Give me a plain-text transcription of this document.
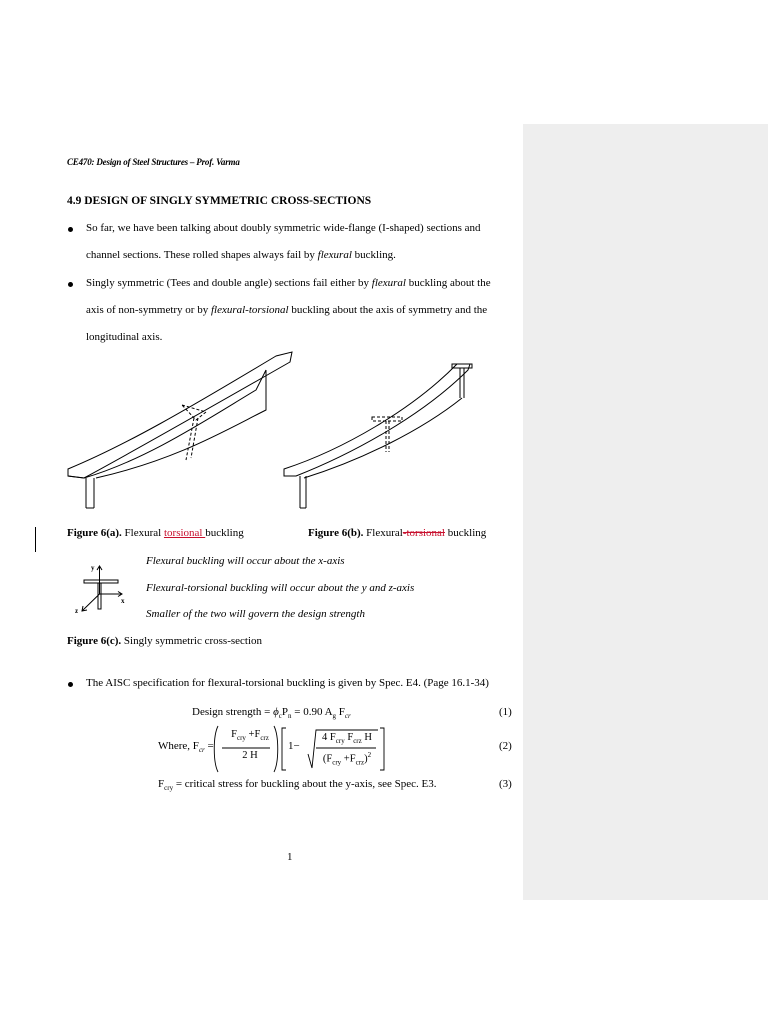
CE470: Design of Steel Structures – Prof. Varma
4.9 DESIGN OF SINGLY SYMMETRIC CROSS-SECTIONS
So far, we have been talking about doubly symmetric wide-flange (I-shaped) sections and
channel sections. These rolled shapes always fail by flexural buckling.
Singly symmetric (Tees and double angle) sections fail either by flexural buckling about the
axis of non-symmetry or by flexural-torsional buckling about the axis of symmetry and the
longitudinal axis.
Figure 6(a). Flexural torsional buckling	Figure 6(b). Flexural-torsional buckling
y
x
z
Flexural buckling will occur about the x-axis
Flexural-torsional buckling will occur about the y and z-axis
Smaller of the two will govern the design strength
Figure 6(c). Singly symmetric cross-section
The AISC specification for flexural-torsional buckling is given by Spec. E4. (Page 16.1-34)
Design strength = $\phi_cP_n = 0.90$ $A_g$ $F_{cr}$	(1)
Where, $F_{cr}$ =
$F_{cry} +F_{crz}$
2 H
1−
4 $F_{cry}$ $F_{crz}$ H
$(F_{cry} +F_{crz})^2$
(2)
$F_{cry}$ = critical stress for buckling about the y-axis, see Spec. E3.	(3)
1
